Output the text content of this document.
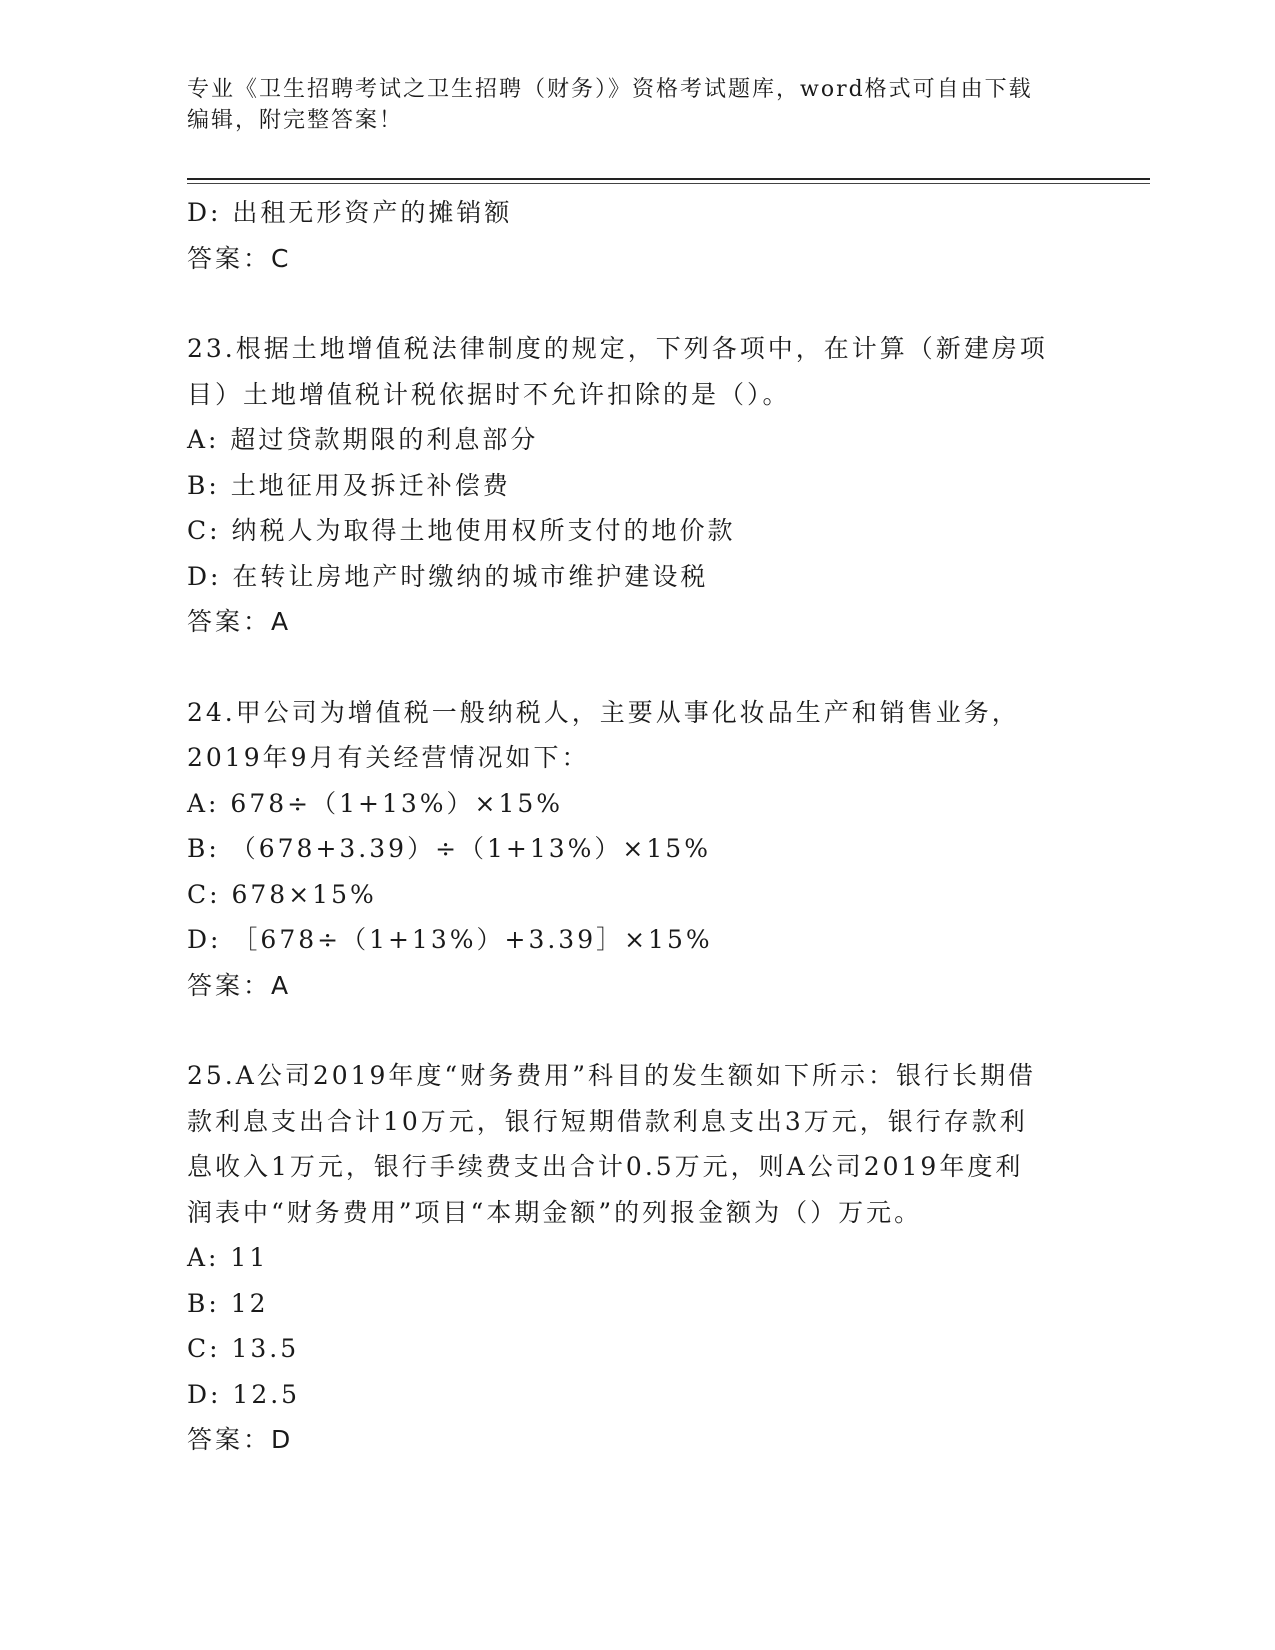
专业《卫生招聘考试之卫生招聘（财务）》资格考试题库，word格式可自由下载
编辑，附完整答案！
D: 出租无形资产的摊销额
答案：C
23.根据土地增值税法律制度的规定，下列各项中，在计算（新建房项
目）土地增值税计税依据时不允许扣除的是（）。
A: 超过贷款期限的利息部分
B: 土地征用及拆迁补偿费
C: 纳税人为取得土地使用权所支付的地价款
D: 在转让房地产时缴纳的城市维护建设税
答案：A
24.甲公司为增值税一般纳税人，主要从事化妆品生产和销售业务，
2019年9月有关经营情况如下：
A: 678÷（1+13%）×15%
B: （678+3.39）÷（1+13%）×15%
C: 678×15%
D: ［678÷（1+13%）+3.39］×15%
答案：A
25.A公司2019年度“财务费用”科目的发生额如下所示：银行长期借
款利息支出合计10万元，银行短期借款利息支出3万元，银行存款利
息收入1万元，银行手续费支出合计0.5万元，则A公司2019年度利
润表中“财务费用”项目“本期金额”的列报金额为（）万元。
A: 11
B: 12
C: 13.5
D: 12.5
答案：D
